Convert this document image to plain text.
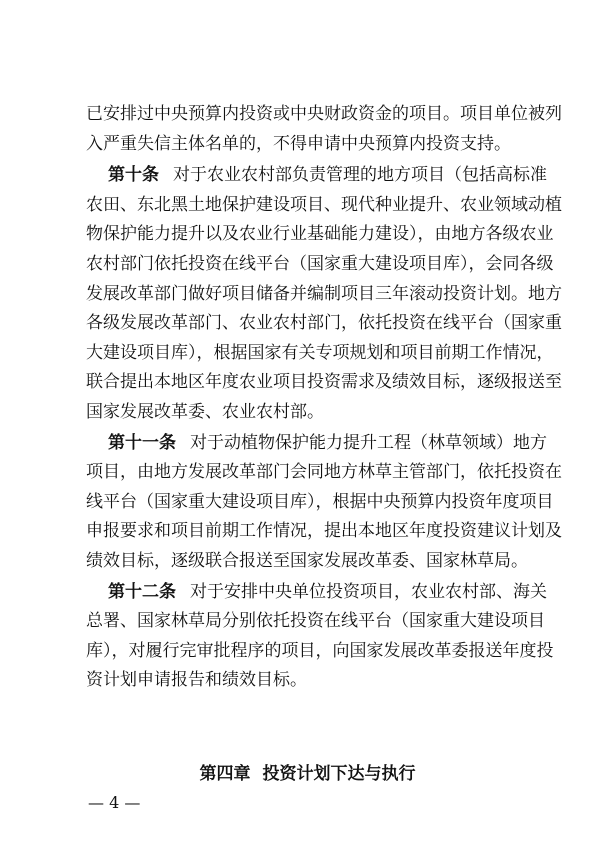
已安排过中央预算内投资或中央财政资金的项目。项目单位被列

入严重失信主体名单的，不得申请中央预算内投资支持。

第十条 对于农业农村部负责管理的地方项目（包括高标准

农田、东北黑土地保护建设项目、现代种业提升、农业领域动植

物保护能力提升以及农业行业基础能力建设），由地方各级农业

农村部门依托投资在线平台（国家重大建设项目库），会同各级

发展改革部门做好项目储备并编制项目三年滚动投资计划。地方

各级发展改革部门、农业农村部门，依托投资在线平台（国家重

大建设项目库），根据国家有关专项规划和项目前期工作情况，

联合提出本地区年度农业项目投资需求及绩效目标，逐级报送至

国家发展改革委、农业农村部。

第十一条 对于动植物保护能力提升工程（林草领域）地方

项目，由地方发展改革部门会同地方林草主管部门，依托投资在

线平台（国家重大建设项目库），根据中央预算内投资年度项目

申报要求和项目前期工作情况，提出本地区年度投资建议计划及

绩效目标，逐级联合报送至国家发展改革委、国家林草局。

第十二条 对于安排中央单位投资项目，农业农村部、海关

总署、国家林草局分别依托投资在线平台（国家重大建设项目

库），对履行完审批程序的项目，向国家发展改革委报送年度投

资计划申请报告和绩效目标。

第四章 投资计划下达与执行
— 4 —
